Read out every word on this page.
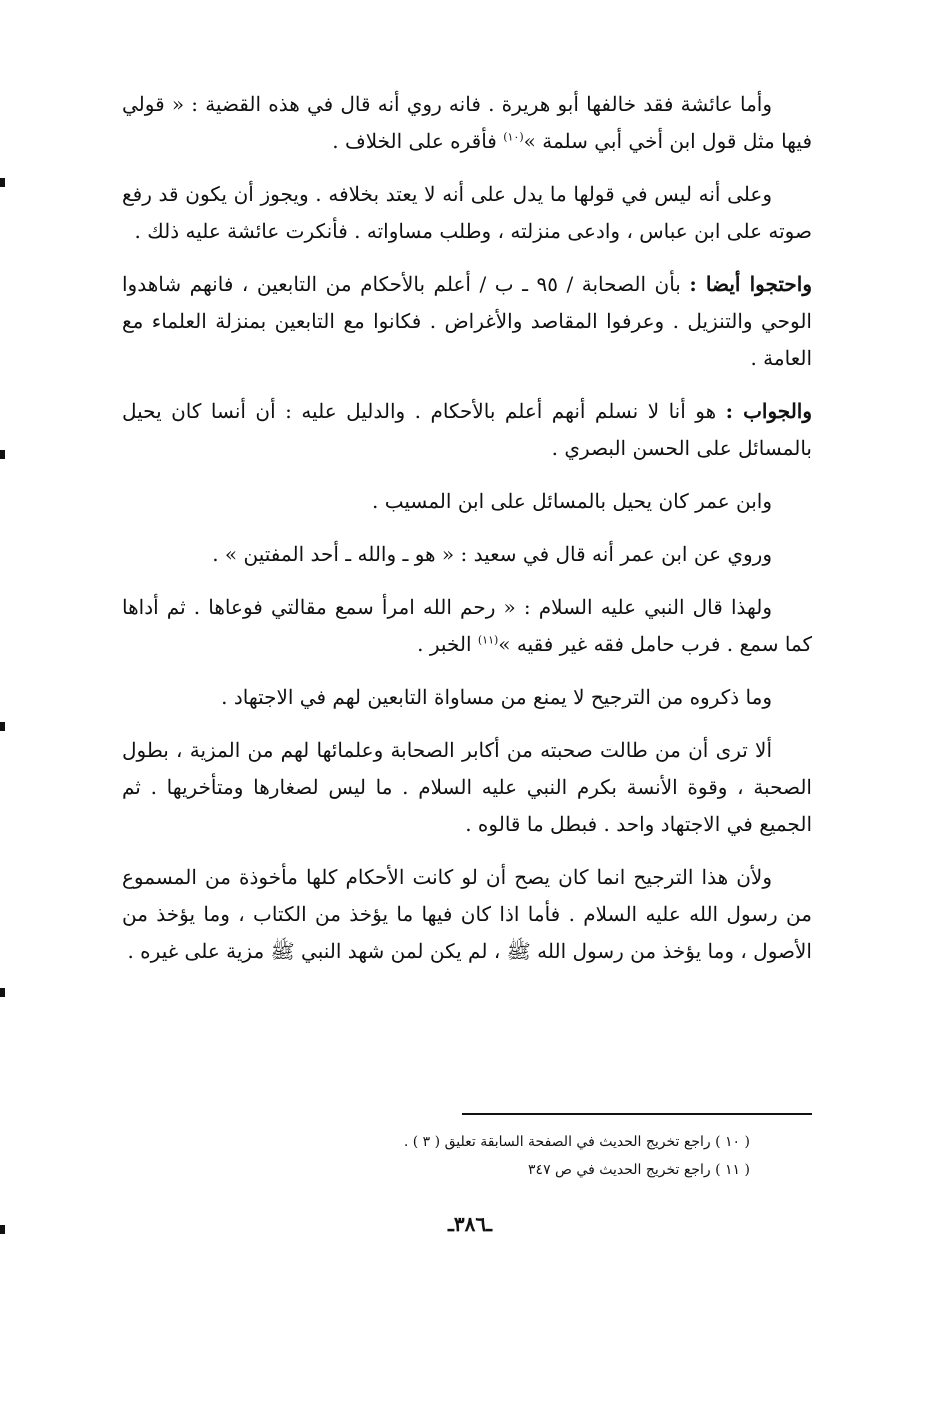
وأما عائشة فقد خالفها أبو هريرة . فانه روي أنه قال في هذه القضية : « قولي فيها مثل قول ابن أخي أبي سلمة »$^{(١٠)}$ فأقره على الخلاف .

وعلى أنه ليس في قولها ما يدل على أنه لا يعتد بخلافه . ويجوز أن يكون قد رفع صوته على ابن عباس ، وادعى منزلته ، وطلب مساواته . فأنكرت عائشة عليه ذلك .

واحتجوا أيضا : بأن الصحابة / ٩٥ ـ ب / أعلم بالأحكام من التابعين ، فانهم شاهدوا الوحي والتنزيل . وعرفوا المقاصد والأغراض . فكانوا مع التابعين بمنزلة العلماء مع العامة .

والجواب : هو أنا لا نسلم أنهم أعلم بالأحكام . والدليل عليه : أن أنسا كان يحيل بالمسائل على الحسن البصري .

وابن عمر كان يحيل بالمسائل على ابن المسيب .

وروي عن ابن عمر أنه قال في سعيد : « هو ـ والله ـ أحد المفتين » .

ولهذا قال النبي عليه السلام : « رحم الله امرأ سمع مقالتي فوعاها . ثم أداها كما سمع . فرب حامل فقه غير فقيه »$^{(١١)}$ الخبر .

وما ذكروه من الترجيح لا يمنع من مساواة التابعين لهم في الاجتهاد .

ألا ترى أن من طالت صحبته من أكابر الصحابة وعلمائها لهم من المزية ، بطول الصحبة ، وقوة الأنسة بكرم النبي عليه السلام . ما ليس لصغارها ومتأخريها . ثم الجميع في الاجتهاد واحد . فبطل ما قالوه .

ولأن هذا الترجيح انما كان يصح أن لو كانت الأحكام كلها مأخوذة من المسموع من رسول الله عليه السلام . فأما اذا كان فيها ما يؤخذ من الكتاب ، وما يؤخذ من الأصول ، وما يؤخذ من رسول الله ﷺ ، لم يكن لمن شهد النبي ﷺ مزية على غيره .

( ١٠ ) راجع تخريج الحديث في الصفحة السابقة تعليق ( ٣ ) .

( ١١ ) راجع تخريج الحديث في ص ٣٤٧

ـ٣٨٦ـ
